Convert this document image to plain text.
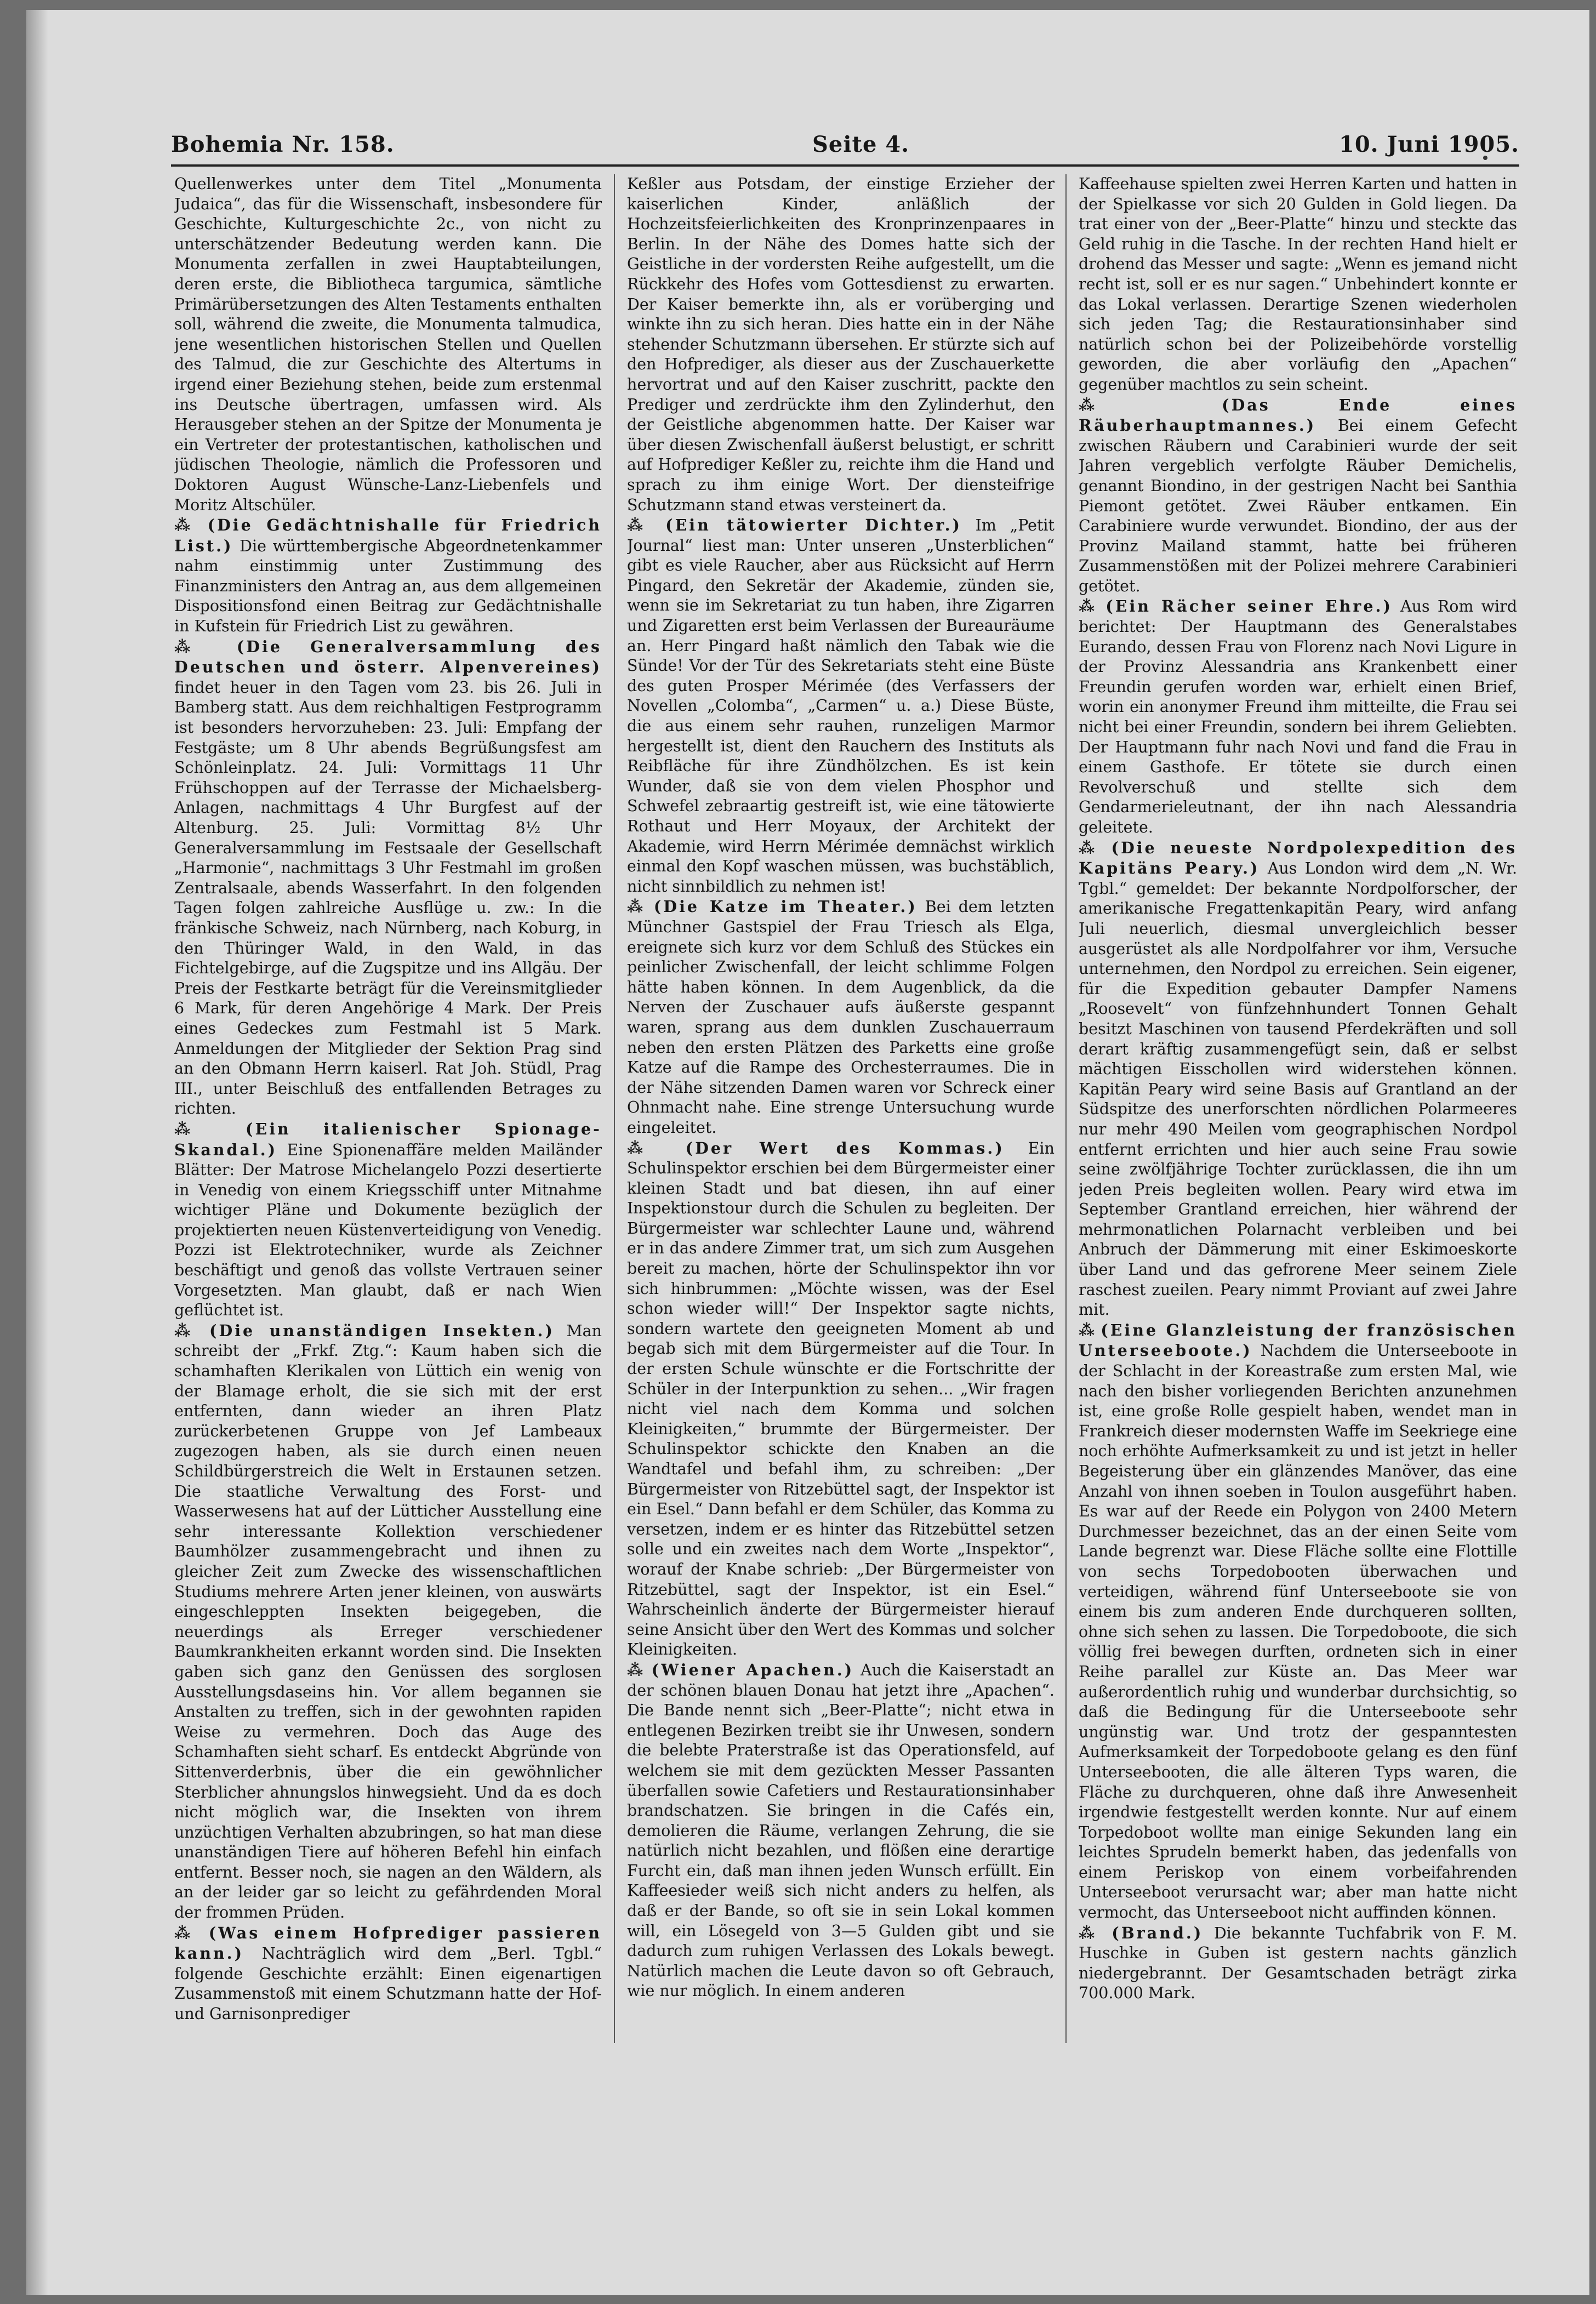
Bohemia Nr. 158.	Seite 4.	10. Juni 1905.

Quellenwerkes unter dem Titel „Monumenta Judaica“, das für die Wissenschaft, insbesondere für Geschichte, Kulturgeschichte 2c., von nicht zu unterschätzender Bedeutung werden kann. Die Monumenta zerfallen in zwei Hauptabteilungen, deren erste, die Bibliotheca targumica, sämtliche Primärübersetzungen des Alten Testaments enthalten soll, während die zweite, die Monumenta talmudica, jene wesentlichen historischen Stellen und Quellen des Talmud, die zur Geschichte des Altertums in irgend einer Beziehung stehen, beide zum erstenmal ins Deutsche übertragen, umfassen wird. Als Herausgeber stehen an der Spitze der Monumenta je ein Vertreter der protestantischen, katholischen und jüdischen Theologie, nämlich die Professoren und Doktoren August Wünsche-Lanz-Liebenfels und Moritz Altschüler.

⁂ (Die Gedächtnishalle für Friedrich List.) Die württembergische Abgeordnetenkammer nahm einstimmig unter Zustimmung des Finanzministers den Antrag an, aus dem allgemeinen Dispositionsfond einen Beitrag zur Gedächtnishalle in Kufstein für Friedrich List zu gewähren.

⁂ (Die Generalversammlung des Deutschen und österr. Alpenvereines) findet heuer in den Tagen vom 23. bis 26. Juli in Bamberg statt. Aus dem reichhaltigen Festprogramm ist besonders hervorzuheben: 23. Juli: Empfang der Festgäste; um 8 Uhr abends Begrüßungsfest am Schönleinplatz. 24. Juli: Vormittags 11 Uhr Frühschoppen auf der Terrasse der Michaelsberg-Anlagen, nachmittags 4 Uhr Burgfest auf der Altenburg. 25. Juli: Vormittag 8½ Uhr Generalversammlung im Festsaale der Gesellschaft „Harmonie“, nachmittags 3 Uhr Festmahl im großen Zentralsaale, abends Wasserfahrt. In den folgenden Tagen folgen zahlreiche Ausflüge u. zw.: In die fränkische Schweiz, nach Nürnberg, nach Koburg, in den Thüringer Wald, in den Wald, in das Fichtelgebirge, auf die Zugspitze und ins Allgäu. Der Preis der Festkarte beträgt für die Vereinsmitglieder 6 Mark, für deren Angehörige 4 Mark. Der Preis eines Gedeckes zum Festmahl ist 5 Mark. Anmeldungen der Mitglieder der Sektion Prag sind an den Obmann Herrn kaiserl. Rat Joh. Stüdl, Prag III., unter Beischluß des entfallenden Betrages zu richten.

⁂ (Ein italienischer Spionage-Skandal.) Eine Spionenaffäre melden Mailänder Blätter: Der Matrose Michelangelo Pozzi desertierte in Venedig von einem Kriegsschiff unter Mitnahme wichtiger Pläne und Dokumente bezüglich der projektierten neuen Küstenverteidigung von Venedig. Pozzi ist Elektrotechniker, wurde als Zeichner beschäftigt und genoß das vollste Vertrauen seiner Vorgesetzten. Man glaubt, daß er nach Wien geflüchtet ist.

⁂ (Die unanständigen Insekten.) Man schreibt der „Frkf. Ztg.“: Kaum haben sich die schamhaften Klerikalen von Lüttich ein wenig von der Blamage erholt, die sie sich mit der erst entfernten, dann wieder an ihren Platz zurückerbetenen Gruppe von Jef Lambeaux zugezogen haben, als sie durch einen neuen Schildbürgerstreich die Welt in Erstaunen setzen. Die staatliche Verwaltung des Forst- und Wasserwesens hat auf der Lütticher Ausstellung eine sehr interessante Kollektion verschiedener Baumhölzer zusammengebracht und ihnen zu gleicher Zeit zum Zwecke des wissenschaftlichen Studiums mehrere Arten jener kleinen, von auswärts eingeschleppten Insekten beigegeben, die neuerdings als Erreger verschiedener Baumkrankheiten erkannt worden sind. Die Insekten gaben sich ganz den Genüssen des sorglosen Ausstellungsdaseins hin. Vor allem begannen sie Anstalten zu treffen, sich in der gewohnten rapiden Weise zu vermehren. Doch das Auge des Schamhaften sieht scharf. Es entdeckt Abgründe von Sittenverderbnis, über die ein gewöhnlicher Sterblicher ahnungslos hinwegsieht. Und da es doch nicht möglich war, die Insekten von ihrem unzüchtigen Verhalten abzubringen, so hat man diese unanständigen Tiere auf höheren Befehl hin einfach entfernt. Besser noch, sie nagen an den Wäldern, als an der leider gar so leicht zu gefährdenden Moral der frommen Prüden.

⁂ (Was einem Hofprediger passieren kann.) Nachträglich wird dem „Berl. Tgbl.“ folgende Geschichte erzählt: Einen eigenartigen Zusammenstoß mit einem Schutzmann hatte der Hof- und Garnisonprediger

Keßler aus Potsdam, der einstige Erzieher der kaiserlichen Kinder, anläßlich der Hochzeitsfeierlichkeiten des Kronprinzenpaares in Berlin. In der Nähe des Domes hatte sich der Geistliche in der vordersten Reihe aufgestellt, um die Rückkehr des Hofes vom Gottesdienst zu erwarten. Der Kaiser bemerkte ihn, als er vorüberging und winkte ihn zu sich heran. Dies hatte ein in der Nähe stehender Schutzmann übersehen. Er stürzte sich auf den Hofprediger, als dieser aus der Zuschauerkette hervortrat und auf den Kaiser zuschritt, packte den Prediger und zerdrückte ihm den Zylinderhut, den der Geistliche abgenommen hatte. Der Kaiser war über diesen Zwischenfall äußerst belustigt, er schritt auf Hofprediger Keßler zu, reichte ihm die Hand und sprach zu ihm einige Wort. Der diensteifrige Schutzmann stand etwas versteinert da.

⁂ (Ein tätowierter Dichter.) Im „Petit Journal“ liest man: Unter unseren „Unsterblichen“ gibt es viele Raucher, aber aus Rücksicht auf Herrn Pingard, den Sekretär der Akademie, zünden sie, wenn sie im Sekretariat zu tun haben, ihre Zigarren und Zigaretten erst beim Verlassen der Bureauräume an. Herr Pingard haßt nämlich den Tabak wie die Sünde! Vor der Tür des Sekretariats steht eine Büste des guten Prosper Mérimée (des Verfassers der Novellen „Colomba“, „Carmen“ u. a.) Diese Büste, die aus einem sehr rauhen, runzeligen Marmor hergestellt ist, dient den Rauchern des Instituts als Reibfläche für ihre Zündhölzchen. Es ist kein Wunder, daß sie von dem vielen Phosphor und Schwefel zebraartig gestreift ist, wie eine tätowierte Rothaut und Herr Moyaux, der Architekt der Akademie, wird Herrn Mérimée demnächst wirklich einmal den Kopf waschen müssen, was buchstäblich, nicht sinnbildlich zu nehmen ist!

⁂ (Die Katze im Theater.) Bei dem letzten Münchner Gastspiel der Frau Triesch als Elga, ereignete sich kurz vor dem Schluß des Stückes ein peinlicher Zwischenfall, der leicht schlimme Folgen hätte haben können. In dem Augenblick, da die Nerven der Zuschauer aufs äußerste gespannt waren, sprang aus dem dunklen Zuschauerraum neben den ersten Plätzen des Parketts eine große Katze auf die Rampe des Orchesterraumes. Die in der Nähe sitzenden Damen waren vor Schreck einer Ohnmacht nahe. Eine strenge Untersuchung wurde eingeleitet.

⁂ (Der Wert des Kommas.) Ein Schulinspektor erschien bei dem Bürgermeister einer kleinen Stadt und bat diesen, ihn auf einer Inspektionstour durch die Schulen zu begleiten. Der Bürgermeister war schlechter Laune und, während er in das andere Zimmer trat, um sich zum Ausgehen bereit zu machen, hörte der Schulinspektor ihn vor sich hinbrummen: „Möchte wissen, was der Esel schon wieder will!“ Der Inspektor sagte nichts, sondern wartete den geeigneten Moment ab und begab sich mit dem Bürgermeister auf die Tour. In der ersten Schule wünschte er die Fortschritte der Schüler in der Interpunktion zu sehen... „Wir fragen nicht viel nach dem Komma und solchen Kleinigkeiten,“ brummte der Bürgermeister. Der Schulinspektor schickte den Knaben an die Wandtafel und befahl ihm, zu schreiben: „Der Bürgermeister von Ritzebüttel sagt, der Inspektor ist ein Esel.“ Dann befahl er dem Schüler, das Komma zu versetzen, indem er es hinter das Ritzebüttel setzen solle und ein zweites nach dem Worte „Inspektor“, worauf der Knabe schrieb: „Der Bürgermeister von Ritzebüttel, sagt der Inspektor, ist ein Esel.“ Wahrscheinlich änderte der Bürgermeister hierauf seine Ansicht über den Wert des Kommas und solcher Kleinigkeiten.

⁂ (Wiener Apachen.) Auch die Kaiserstadt an der schönen blauen Donau hat jetzt ihre „Apachen“. Die Bande nennt sich „Beer-Platte“; nicht etwa in entlegenen Bezirken treibt sie ihr Unwesen, sondern die belebte Praterstraße ist das Operationsfeld, auf welchem sie mit dem gezückten Messer Passanten überfallen sowie Cafetiers und Restaurationsinhaber brandschatzen. Sie bringen in die Cafés ein, demolieren die Räume, verlangen Zehrung, die sie natürlich nicht bezahlen, und flößen eine derartige Furcht ein, daß man ihnen jeden Wunsch erfüllt. Ein Kaffeesieder weiß sich nicht anders zu helfen, als daß er der Bande, so oft sie in sein Lokal kommen will, ein Lösegeld von 3—5 Gulden gibt und sie dadurch zum ruhigen Verlassen des Lokals bewegt. Natürlich machen die Leute davon so oft Gebrauch, wie nur möglich. In einem anderen

Kaffeehause spielten zwei Herren Karten und hatten in der Spielkasse vor sich 20 Gulden in Gold liegen. Da trat einer von der „Beer-Platte“ hinzu und steckte das Geld ruhig in die Tasche. In der rechten Hand hielt er drohend das Messer und sagte: „Wenn es jemand nicht recht ist, soll er es nur sagen.“ Unbehindert konnte er das Lokal verlassen. Derartige Szenen wiederholen sich jeden Tag; die Restaurationsinhaber sind natürlich schon bei der Polizeibehörde vorstellig geworden, die aber vorläufig den „Apachen“ gegenüber machtlos zu sein scheint.

⁂ (Das Ende eines Räuberhauptmannes.) Bei einem Gefecht zwischen Räubern und Carabinieri wurde der seit Jahren vergeblich verfolgte Räuber Demichelis, genannt Biondino, in der gestrigen Nacht bei Santhia Piemont getötet. Zwei Räuber entkamen. Ein Carabiniere wurde verwundet. Biondino, der aus der Provinz Mailand stammt, hatte bei früheren Zusammenstößen mit der Polizei mehrere Carabinieri getötet.

⁂ (Ein Rächer seiner Ehre.) Aus Rom wird berichtet: Der Hauptmann des Generalstabes Eurando, dessen Frau von Florenz nach Novi Ligure in der Provinz Alessandria ans Krankenbett einer Freundin gerufen worden war, erhielt einen Brief, worin ein anonymer Freund ihm mitteilte, die Frau sei nicht bei einer Freundin, sondern bei ihrem Geliebten. Der Hauptmann fuhr nach Novi und fand die Frau in einem Gasthofe. Er tötete sie durch einen Revolverschuß und stellte sich dem Gendarmerieleutnant, der ihn nach Alessandria geleitete.

⁂ (Die neueste Nordpolexpedition des Kapitäns Peary.) Aus London wird dem „N. Wr. Tgbl.“ gemeldet: Der bekannte Nordpolforscher, der amerikanische Fregattenkapitän Peary, wird anfang Juli neuerlich, diesmal unvergleichlich besser ausgerüstet als alle Nordpolfahrer vor ihm, Versuche unternehmen, den Nordpol zu erreichen. Sein eigener, für die Expedition gebauter Dampfer Namens „Roosevelt“ von fünfzehnhundert Tonnen Gehalt besitzt Maschinen von tausend Pferdekräften und soll derart kräftig zusammengefügt sein, daß er selbst mächtigen Eisschollen wird widerstehen können. Kapitän Peary wird seine Basis auf Grantland an der Südspitze des unerforschten nördlichen Polarmeeres nur mehr 490 Meilen vom geographischen Nordpol entfernt errichten und hier auch seine Frau sowie seine zwölfjährige Tochter zurücklassen, die ihn um jeden Preis begleiten wollen. Peary wird etwa im September Grantland erreichen, hier während der mehrmonatlichen Polarnacht verbleiben und bei Anbruch der Dämmerung mit einer Eskimoeskorte über Land und das gefrorene Meer seinem Ziele raschest zueilen. Peary nimmt Proviant auf zwei Jahre mit.

⁂ (Eine Glanzleistung der französischen Unterseeboote.) Nachdem die Unterseeboote in der Schlacht in der Koreastraße zum ersten Mal, wie nach den bisher vorliegenden Berichten anzunehmen ist, eine große Rolle gespielt haben, wendet man in Frankreich dieser modernsten Waffe im Seekriege eine noch erhöhte Aufmerksamkeit zu und ist jetzt in heller Begeisterung über ein glänzendes Manöver, das eine Anzahl von ihnen soeben in Toulon ausgeführt haben. Es war auf der Reede ein Polygon von 2400 Metern Durchmesser bezeichnet, das an der einen Seite vom Lande begrenzt war. Diese Fläche sollte eine Flottille von sechs Torpedobooten überwachen und verteidigen, während fünf Unterseeboote sie von einem bis zum anderen Ende durchqueren sollten, ohne sich sehen zu lassen. Die Torpedoboote, die sich völlig frei bewegen durften, ordneten sich in einer Reihe parallel zur Küste an. Das Meer war außerordentlich ruhig und wunderbar durchsichtig, so daß die Bedingung für die Unterseeboote sehr ungünstig war. Und trotz der gespanntesten Aufmerksamkeit der Torpedoboote gelang es den fünf Unterseebooten, die alle älteren Typs waren, die Fläche zu durchqueren, ohne daß ihre Anwesenheit irgendwie festgestellt werden konnte. Nur auf einem Torpedoboot wollte man einige Sekunden lang ein leichtes Sprudeln bemerkt haben, das jedenfalls von einem Periskop von einem vorbeifahrenden Unterseeboot verursacht war; aber man hatte nicht vermocht, das Unterseeboot nicht auffinden können.

⁂ (Brand.) Die bekannte Tuchfabrik von F. M. Huschke in Guben ist gestern nachts gänzlich niedergebrannt. Der Gesamtschaden beträgt zirka 700.000 Mark.
